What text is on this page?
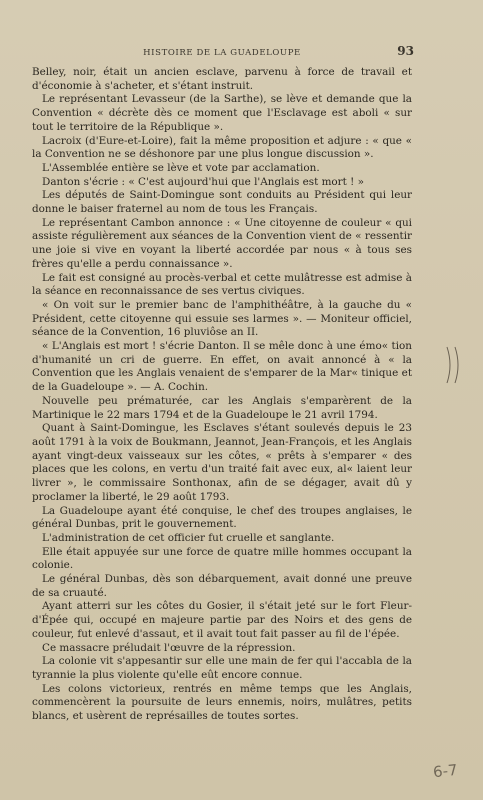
HISTOIRE DE LA GUADELOUPE	93

Belley, noir, était un ancien esclave, parvenu à force de travail et d'économie à s'acheter, et s'étant instruit.

Le représentant Levasseur (de la Sarthe), se lève et demande que la Convention « décrète dès ce moment que l'Esclavage est aboli « sur tout le territoire de la République ».

Lacroix (d'Eure-et-Loire), fait la même proposition et adjure : « que « la Convention ne se déshonore par une plus longue discussion ».

L'Assemblée entière se lève et vote par acclamation.

Danton s'écrie : « C'est aujourd'hui que l'Anglais est mort ! »

Les députés de Saint-Domingue sont conduits au Président qui leur donne le baiser fraternel au nom de tous les Français.

Le représentant Cambon annonce : « Une citoyenne de couleur « qui assiste régulièrement aux séances de la Convention vient de « ressentir une joie si vive en voyant la liberté accordée par nous « à tous ses frères qu'elle a perdu connaissance ».

Le fait est consigné au procès-verbal et cette mulâtresse est admise à la séance en reconnaissance de ses vertus civiques.

« On voit sur le premier banc de l'amphithéâtre, à la gauche du « Président, cette citoyenne qui essuie ses larmes ». — Moniteur officiel, séance de la Convention, 16 pluviôse an II.

« L'Anglais est mort ! s'écrie Danton. Il se mêle donc à une émo« tion d'humanité un cri de guerre. En effet, on avait annoncé à « la Convention que les Anglais venaient de s'emparer de la Mar« tinique et de la Guadeloupe ». — A. Cochin.

Nouvelle peu prématurée, car les Anglais s'emparèrent de la Martinique le 22 mars 1794 et de la Guadeloupe le 21 avril 1794.

Quant à Saint-Domingue, les Esclaves s'étant soulevés depuis le 23 août 1791 à la voix de Boukmann, Jeannot, Jean-François, et les Anglais ayant vingt-deux vaisseaux sur les côtes, « prêts à s'emparer « des places que les colons, en vertu d'un traité fait avec eux, al« laient leur livrer », le commissaire Sonthonax, afin de se dégager, avait dû y proclamer la liberté, le 29 août 1793.

La Guadeloupe ayant été conquise, le chef des troupes anglaises, le général Dunbas, prit le gouvernement.

L'administration de cet officier fut cruelle et sanglante.

Elle était appuyée sur une force de quatre mille hommes occupant la colonie.

Le général Dunbas, dès son débarquement, avait donné une preuve de sa cruauté.

Ayant atterri sur les côtes du Gosier, il s'était jeté sur le fort Fleur-d'Épée qui, occupé en majeure partie par des Noirs et des gens de couleur, fut enlevé d'assaut, et il avait tout fait passer au fil de l'épée.

Ce massacre préludait l'œuvre de la répression.

La colonie vit s'appesantir sur elle une main de fer qui l'accabla de la tyrannie la plus violente qu'elle eût encore connue.

Les colons victorieux, rentrés en même temps que les Anglais, commencèrent la poursuite de leurs ennemis, noirs, mulâtres, petits blancs, et usèrent de représailles de toutes sortes.

6-7
